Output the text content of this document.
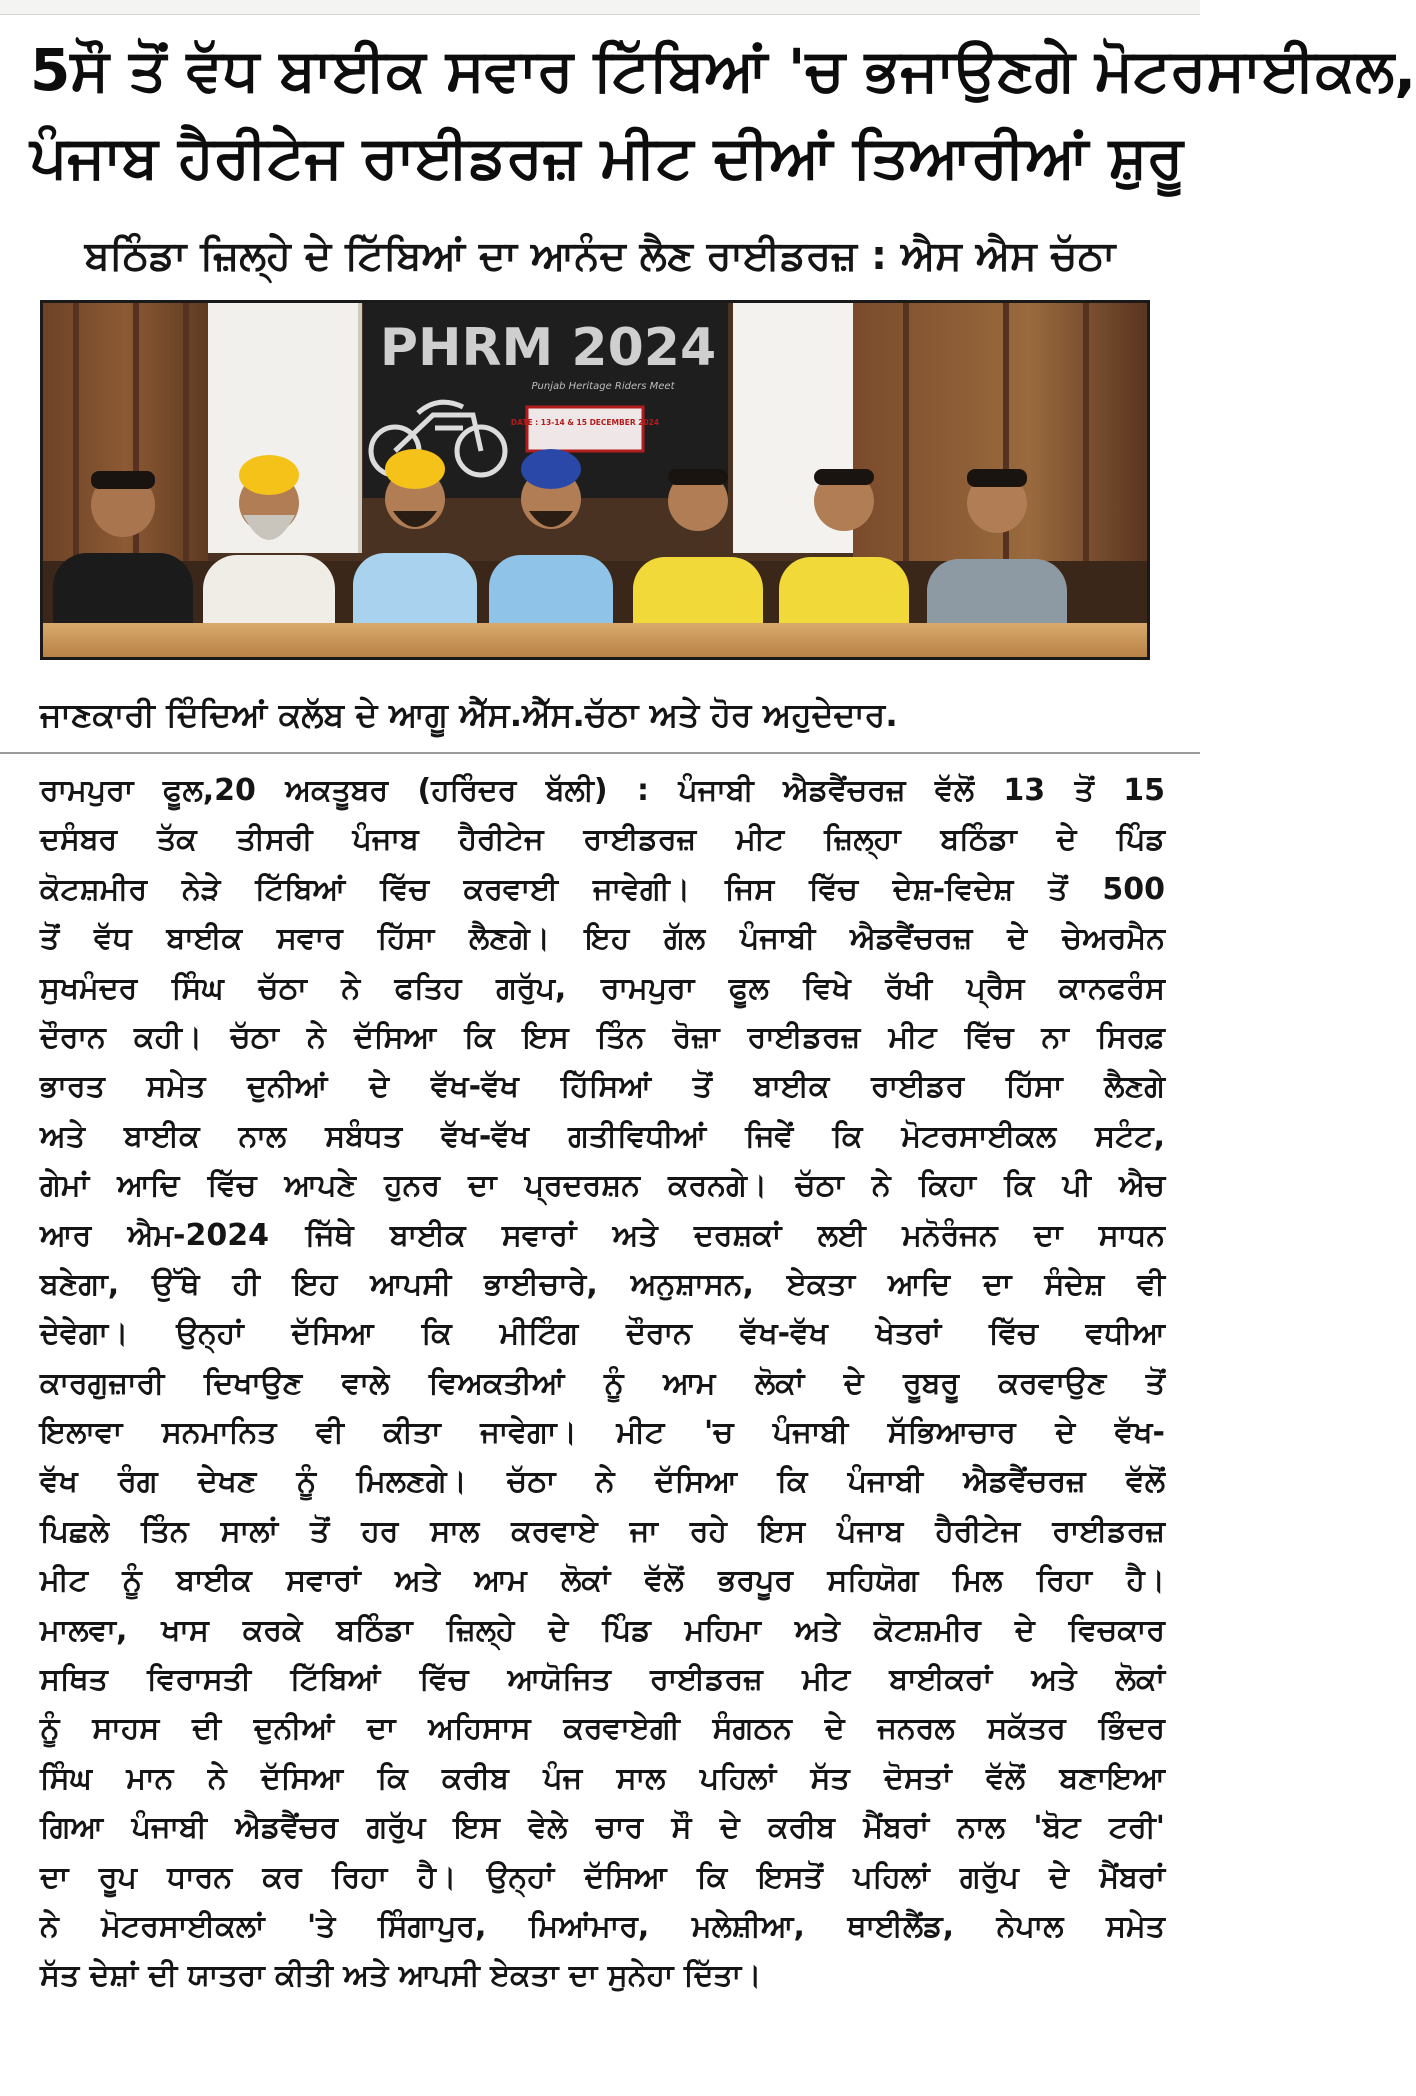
5ਸੌ ਤੋਂ ਵੱਧ ਬਾਈਕ ਸਵਾਰ ਟਿੱਬਿਆਂ 'ਚ ਭਜਾਉਣਗੇ ਮੋਟਰਸਾਈਕਲ,
ਪੰਜਾਬ ਹੈਰੀਟੇਜ ਰਾਈਡਰਜ਼ ਮੀਟ ਦੀਆਂ ਤਿਆਰੀਆਂ ਸ਼ੁਰੂ
ਬਠਿੰਡਾ ਜ਼ਿਲ੍ਹੇ ਦੇ ਟਿੱਬਿਆਂ ਦਾ ਆਨੰਦ ਲੈਣ ਰਾਈਡਰਜ਼ : ਐਸ ਐਸ ਚੱਠਾ
PHRM 2024
Punjab Heritage Riders Meet
DATE : 13-14 & 15 DECEMBER 2024

ਜਾਣਕਾਰੀ ਦਿੰਦਿਆਂ ਕਲੱਬ ਦੇ ਆਗੂ ਐੱਸ.ਐੱਸ.ਚੱਠਾ ਅਤੇ ਹੋਰ ਅਹੁਦੇਦਾਰ.

ਰਾਮਪੁਰਾ ਫੂਲ,20 ਅਕਤੂਬਰ (ਹਰਿੰਦਰ ਬੱਲੀ) : ਪੰਜਾਬੀ ਐਡਵੈਂਚਰਜ਼ ਵੱਲੋਂ 13 ਤੋਂ 15
ਦਸੰਬਰ ਤੱਕ ਤੀਸਰੀ ਪੰਜਾਬ ਹੈਰੀਟੇਜ ਰਾਈਡਰਜ਼ ਮੀਟ ਜ਼ਿਲ੍ਹਾ ਬਠਿੰਡਾ ਦੇ ਪਿੰਡ
ਕੋਟਸ਼ਮੀਰ ਨੇੜੇ ਟਿੱਬਿਆਂ ਵਿੱਚ ਕਰਵਾਈ ਜਾਵੇਗੀ। ਜਿਸ ਵਿੱਚ ਦੇਸ਼-ਵਿਦੇਸ਼ ਤੋਂ 500
ਤੋਂ ਵੱਧ ਬਾਈਕ ਸਵਾਰ ਹਿੱਸਾ ਲੈਣਗੇ। ਇਹ ਗੱਲ ਪੰਜਾਬੀ ਐਡਵੈਂਚਰਜ਼ ਦੇ ਚੇਅਰਮੈਨ
ਸੁਖਮੰਦਰ ਸਿੰਘ ਚੱਠਾ ਨੇ ਫਤਿਹ ਗਰੁੱਪ, ਰਾਮਪੁਰਾ ਫੂਲ ਵਿਖੇ ਰੱਖੀ ਪ੍ਰੈਸ ਕਾਨਫਰੰਸ
ਦੌਰਾਨ ਕਹੀ। ਚੱਠਾ ਨੇ ਦੱਸਿਆ ਕਿ ਇਸ ਤਿੰਨ ਰੋਜ਼ਾ ਰਾਈਡਰਜ਼ ਮੀਟ ਵਿੱਚ ਨਾ ਸਿਰਫ਼
ਭਾਰਤ ਸਮੇਤ ਦੁਨੀਆਂ ਦੇ ਵੱਖ-ਵੱਖ ਹਿੱਸਿਆਂ ਤੋਂ ਬਾਈਕ ਰਾਈਡਰ ਹਿੱਸਾ ਲੈਣਗੇ
ਅਤੇ ਬਾਈਕ ਨਾਲ ਸਬੰਧਤ ਵੱਖ-ਵੱਖ ਗਤੀਵਿਧੀਆਂ ਜਿਵੇਂ ਕਿ ਮੋਟਰਸਾਈਕਲ ਸਟੰਟ,
ਗੇਮਾਂ ਆਦਿ ਵਿੱਚ ਆਪਣੇ ਹੁਨਰ ਦਾ ਪ੍ਰਦਰਸ਼ਨ ਕਰਨਗੇ। ਚੱਠਾ ਨੇ ਕਿਹਾ ਕਿ ਪੀ ਐਚ
ਆਰ ਐਮ-2024 ਜਿੱਥੇ ਬਾਈਕ ਸਵਾਰਾਂ ਅਤੇ ਦਰਸ਼ਕਾਂ ਲਈ ਮਨੋਰੰਜਨ ਦਾ ਸਾਧਨ
ਬਣੇਗਾ, ਉੱਥੇ ਹੀ ਇਹ ਆਪਸੀ ਭਾਈਚਾਰੇ, ਅਨੁਸ਼ਾਸਨ, ਏਕਤਾ ਆਦਿ ਦਾ ਸੰਦੇਸ਼ ਵੀ
ਦੇਵੇਗਾ। ਉਨ੍ਹਾਂ ਦੱਸਿਆ ਕਿ ਮੀਟਿੰਗ ਦੌਰਾਨ ਵੱਖ-ਵੱਖ ਖੇਤਰਾਂ ਵਿੱਚ ਵਧੀਆ
ਕਾਰਗੁਜ਼ਾਰੀ ਦਿਖਾਉਣ ਵਾਲੇ ਵਿਅਕਤੀਆਂ ਨੂੰ ਆਮ ਲੋਕਾਂ ਦੇ ਰੂਬਰੂ ਕਰਵਾਉਣ ਤੋਂ
ਇਲਾਵਾ ਸਨਮਾਨਿਤ ਵੀ ਕੀਤਾ ਜਾਵੇਗਾ। ਮੀਟ 'ਚ ਪੰਜਾਬੀ ਸੱਭਿਆਚਾਰ ਦੇ ਵੱਖ-
ਵੱਖ ਰੰਗ ਦੇਖਣ ਨੂੰ ਮਿਲਣਗੇ। ਚੱਠਾ ਨੇ ਦੱਸਿਆ ਕਿ ਪੰਜਾਬੀ ਐਡਵੈਂਚਰਜ਼ ਵੱਲੋਂ
ਪਿਛਲੇ ਤਿੰਨ ਸਾਲਾਂ ਤੋਂ ਹਰ ਸਾਲ ਕਰਵਾਏ ਜਾ ਰਹੇ ਇਸ ਪੰਜਾਬ ਹੈਰੀਟੇਜ ਰਾਈਡਰਜ਼
ਮੀਟ ਨੂੰ ਬਾਈਕ ਸਵਾਰਾਂ ਅਤੇ ਆਮ ਲੋਕਾਂ ਵੱਲੋਂ ਭਰਪੂਰ ਸਹਿਯੋਗ ਮਿਲ ਰਿਹਾ ਹੈ।
ਮਾਲਵਾ, ਖਾਸ ਕਰਕੇ ਬਠਿੰਡਾ ਜ਼ਿਲ੍ਹੇ ਦੇ ਪਿੰਡ ਮਹਿਮਾ ਅਤੇ ਕੋਟਸ਼ਮੀਰ ਦੇ ਵਿਚਕਾਰ
ਸਥਿਤ ਵਿਰਾਸਤੀ ਟਿੱਬਿਆਂ ਵਿੱਚ ਆਯੋਜਿਤ ਰਾਈਡਰਜ਼ ਮੀਟ ਬਾਈਕਰਾਂ ਅਤੇ ਲੋਕਾਂ
ਨੂੰ ਸਾਹਸ ਦੀ ਦੁਨੀਆਂ ਦਾ ਅਹਿਸਾਸ ਕਰਵਾਏਗੀ ਸੰਗਠਨ ਦੇ ਜਨਰਲ ਸਕੱਤਰ ਭਿੰਦਰ
ਸਿੰਘ ਮਾਨ ਨੇ ਦੱਸਿਆ ਕਿ ਕਰੀਬ ਪੰਜ ਸਾਲ ਪਹਿਲਾਂ ਸੱਤ ਦੋਸਤਾਂ ਵੱਲੋਂ ਬਣਾਇਆ
ਗਿਆ ਪੰਜਾਬੀ ਐਡਵੈਂਚਰ ਗਰੁੱਪ ਇਸ ਵੇਲੇ ਚਾਰ ਸੌ ਦੇ ਕਰੀਬ ਮੈਂਬਰਾਂ ਨਾਲ 'ਬੋਟ ਟਰੀ'
ਦਾ ਰੂਪ ਧਾਰਨ ਕਰ ਰਿਹਾ ਹੈ। ਉਨ੍ਹਾਂ ਦੱਸਿਆ ਕਿ ਇਸਤੋਂ ਪਹਿਲਾਂ ਗਰੁੱਪ ਦੇ ਮੈਂਬਰਾਂ
ਨੇ ਮੋਟਰਸਾਈਕਲਾਂ 'ਤੇ ਸਿੰਗਾਪੁਰ, ਮਿਆਂਮਾਰ, ਮਲੇਸ਼ੀਆ, ਥਾਈਲੈਂਡ, ਨੇਪਾਲ ਸਮੇਤ
ਸੱਤ ਦੇਸ਼ਾਂ ਦੀ ਯਾਤਰਾ ਕੀਤੀ ਅਤੇ ਆਪਸੀ ਏਕਤਾ ਦਾ ਸੁਨੇਹਾ ਦਿੱਤਾ।
